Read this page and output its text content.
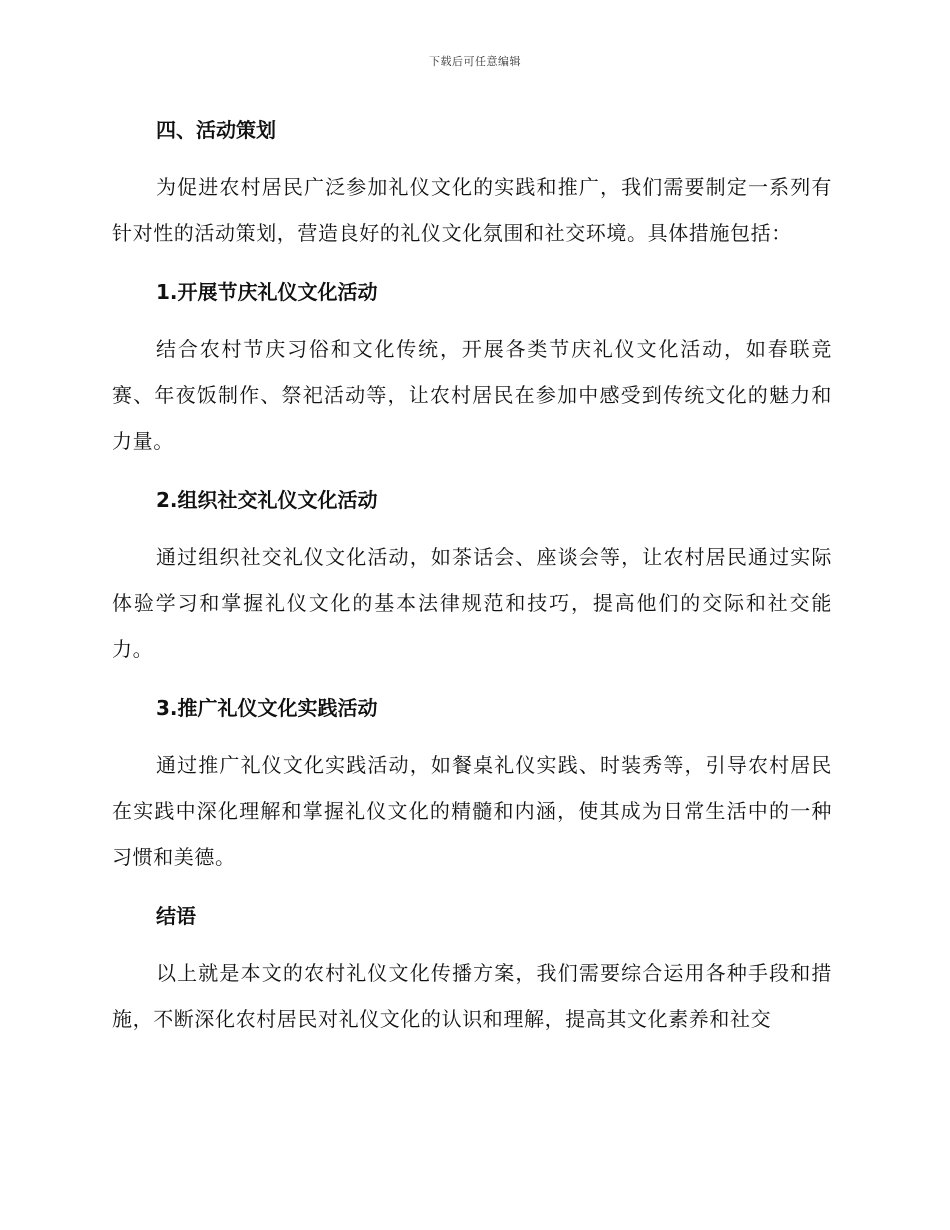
下载后可任意编辑
四、活动策划

为促进农村居民广泛参加礼仪文化的实践和推广，我们需要制定一系列有针对性的活动策划，营造良好的礼仪文化氛围和社交环境。具体措施包括：

1.开展节庆礼仪文化活动

结合农村节庆习俗和文化传统，开展各类节庆礼仪文化活动，如春联竞赛、年夜饭制作、祭祀活动等，让农村居民在参加中感受到传统文化的魅力和力量。

2.组织社交礼仪文化活动

通过组织社交礼仪文化活动，如茶话会、座谈会等，让农村居民通过实际体验学习和掌握礼仪文化的基本法律规范和技巧，提高他们的交际和社交能力。

3.推广礼仪文化实践活动

通过推广礼仪文化实践活动，如餐桌礼仪实践、时装秀等，引导农村居民在实践中深化理解和掌握礼仪文化的精髓和内涵，使其成为日常生活中的一种习惯和美德。

结语

以上就是本文的农村礼仪文化传播方案，我们需要综合运用各种手段和措施，不断深化农村居民对礼仪文化的认识和理解，提高其文化素养和社交
